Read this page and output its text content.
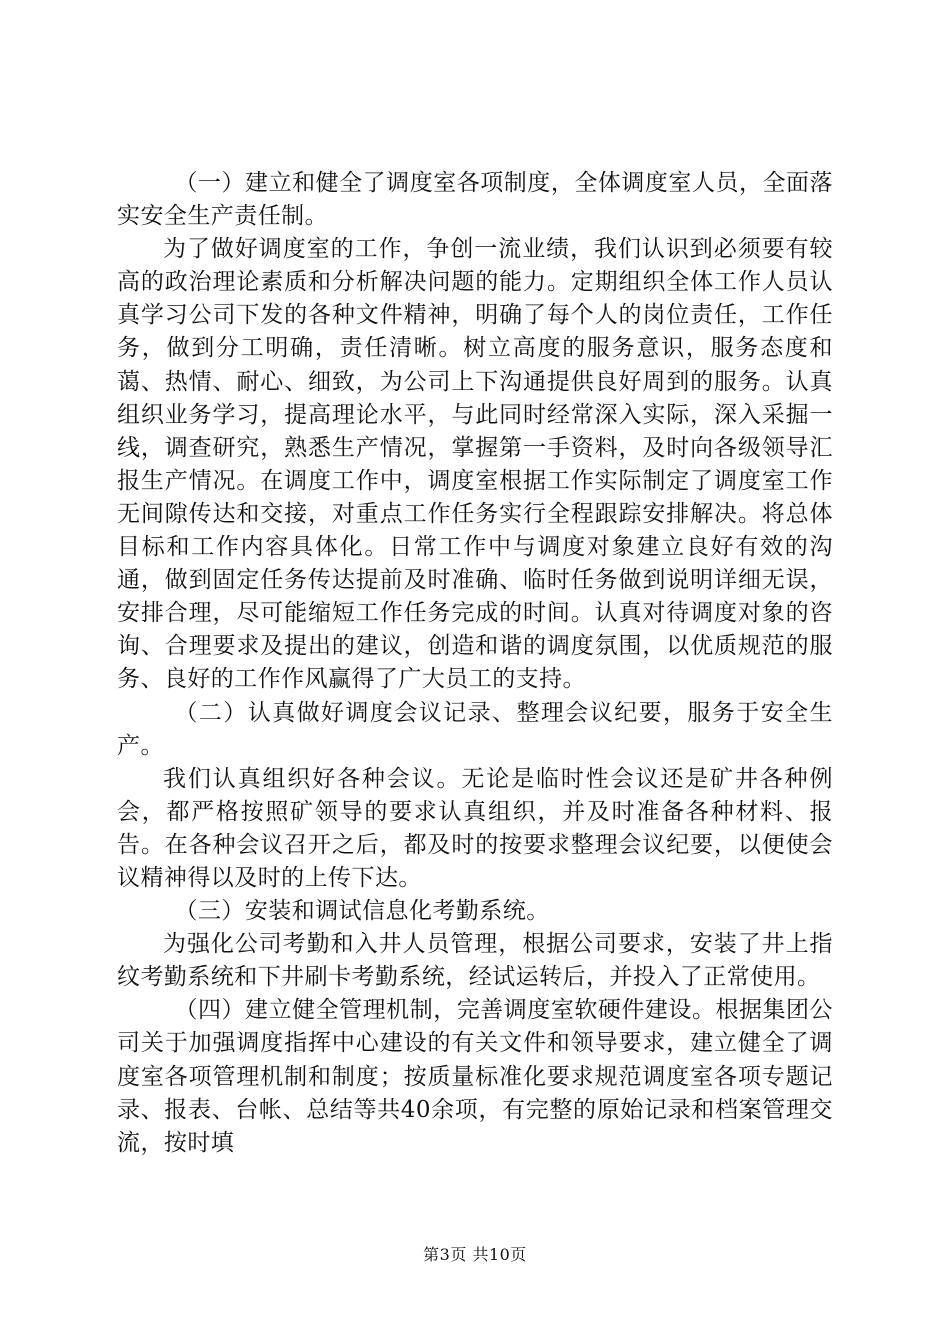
（一）建立和健全了调度室各项制度，全体调度室人员，全面落实安全生产责任制。

为了做好调度室的工作，争创一流业绩，我们认识到必须要有较高的政治理论素质和分析解决问题的能力。定期组织全体工作人员认真学习公司下发的各种文件精神，明确了每个人的岗位责任，工作任务，做到分工明确，责任清晰。树立高度的服务意识，服务态度和蔼、热情、耐心、细致，为公司上下沟通提供良好周到的服务。认真组织业务学习，提高理论水平，与此同时经常深入实际，深入采掘一线，调查研究，熟悉生产情况，掌握第一手资料，及时向各级领导汇报生产情况。在调度工作中，调度室根据工作实际制定了调度室工作无间隙传达和交接，对重点工作任务实行全程跟踪安排解决。将总体目标和工作内容具体化。日常工作中与调度对象建立良好有效的沟通，做到固定任务传达提前及时准确、临时任务做到说明详细无误，安排合理，尽可能缩短工作任务完成的时间。认真对待调度对象的咨询、合理要求及提出的建议，创造和谐的调度氛围，以优质规范的服务、良好的工作作风赢得了广大员工的支持。

（二）认真做好调度会议记录、整理会议纪要，服务于安全生产。

我们认真组织好各种会议。无论是临时性会议还是矿井各种例会，都严格按照矿领导的要求认真组织，并及时准备各种材料、报告。在各种会议召开之后，都及时的按要求整理会议纪要，以便使会议精神得以及时的上传下达。

（三）安装和调试信息化考勤系统。

为强化公司考勤和入井人员管理，根据公司要求，安装了井上指纹考勤系统和下井刷卡考勤系统，经试运转后，并投入了正常使用。

（四）建立健全管理机制，完善调度室软硬件建设。根据集团公司关于加强调度指挥中心建设的有关文件和领导要求，建立健全了调度室各项管理机制和制度；按质量标准化要求规范调度室各项专题记录、报表、台帐、总结等共40余项，有完整的原始记录和档案管理交流，按时填

第3页 共10页
